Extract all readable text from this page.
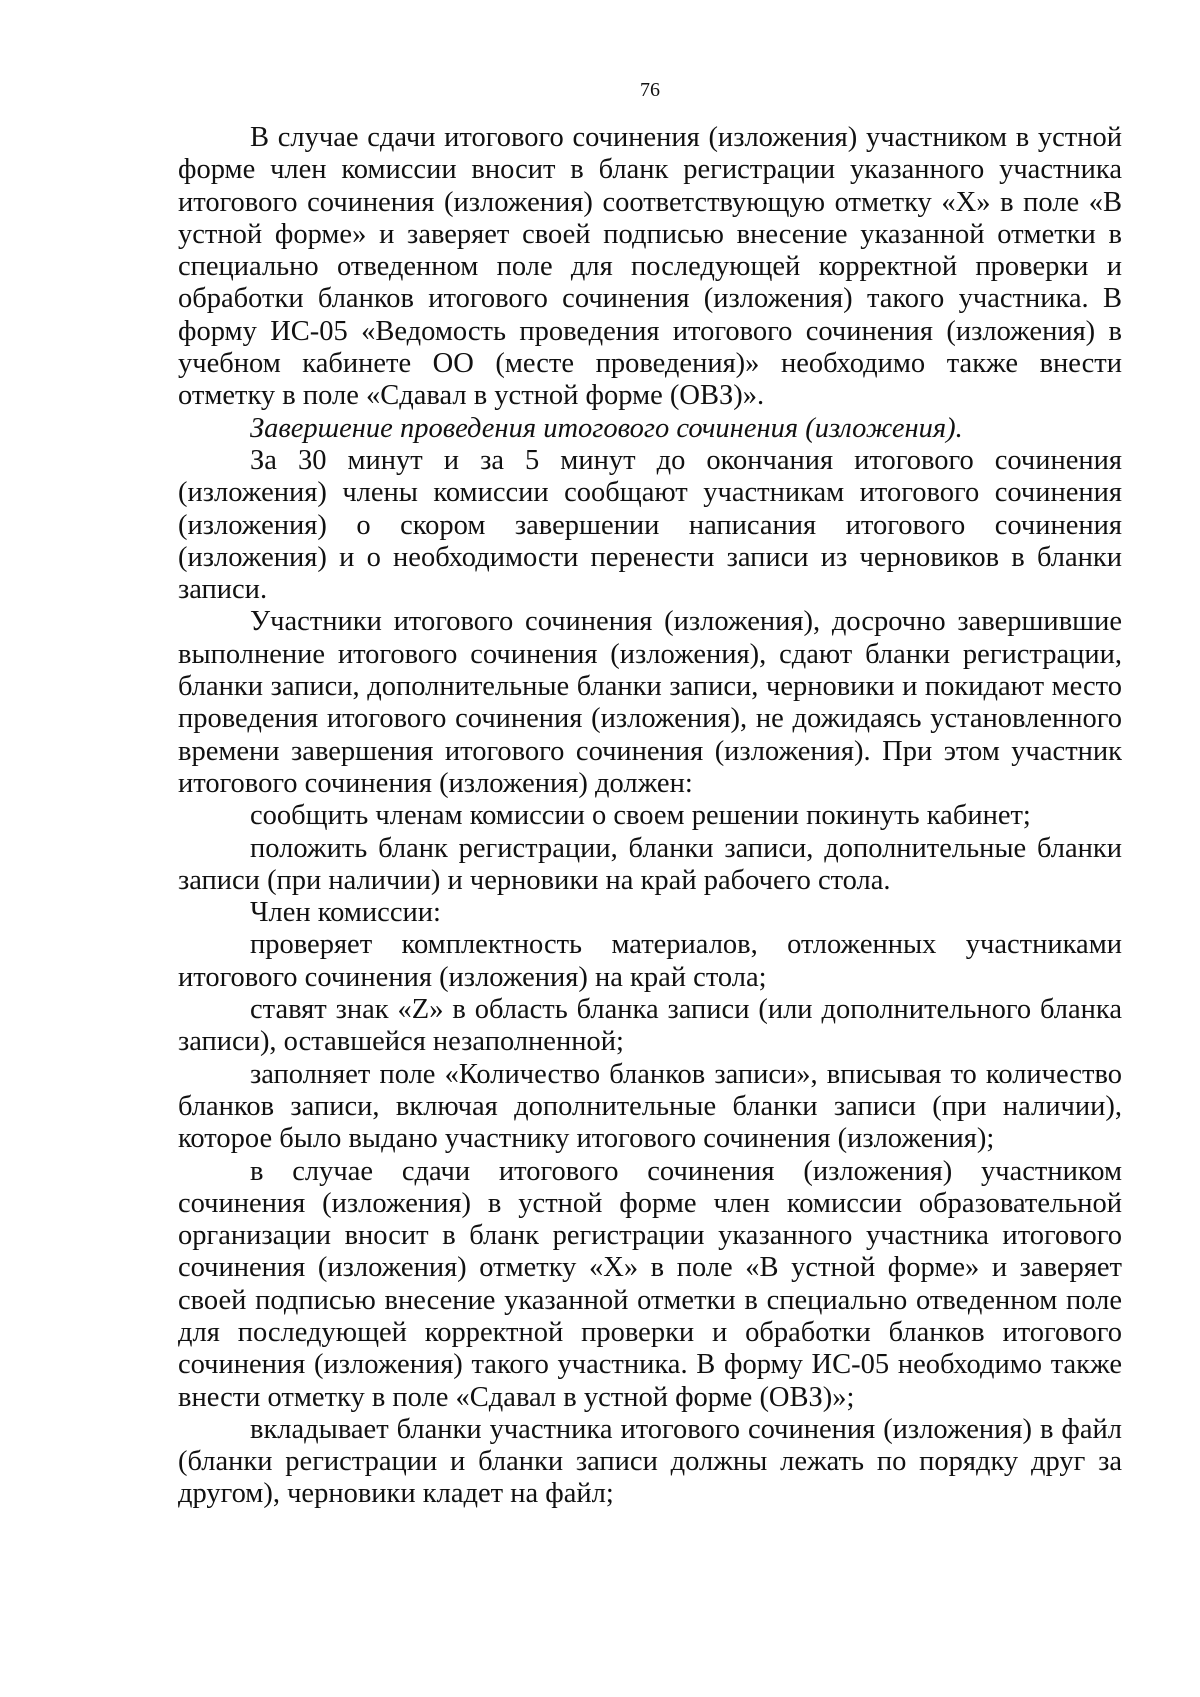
76

В случае сдачи итогового сочинения (изложения) участником в устной форме член комиссии вносит в бланк регистрации указанного участника итогового сочинения (изложения) соответствующую отметку «Х» в поле «В устной форме» и заверяет своей подписью внесение указанной отметки в специально отведенном поле для последующей корректной проверки и обработки бланков итогового сочинения (изложения) такого участника. В форму ИС-05 «Ведомость проведения итогового сочинения (изложения) в учебном кабинете ОО (месте проведения)» необходимо также внести отметку в поле «Сдавал в устной форме (ОВЗ)».

Завершение проведения итогового сочинения (изложения).

За 30 минут и за 5 минут до окончания итогового сочинения (изложения) члены комиссии сообщают участникам итогового сочинения (изложения) о скором завершении написания итогового сочинения (изложения) и о необходимости перенести записи из черновиков в бланки записи.

Участники итогового сочинения (изложения), досрочно завершившие выполнение итогового сочинения (изложения), сдают бланки регистрации, бланки записи, дополнительные бланки записи, черновики и покидают место проведения итогового сочинения (изложения), не дожидаясь установленного времени завершения итогового сочинения (изложения). При этом участник итогового сочинения (изложения) должен:

сообщить членам комиссии о своем решении покинуть кабинет;

положить бланк регистрации, бланки записи, дополнительные бланки записи (при наличии) и черновики на край рабочего стола.

Член комиссии:

проверяет комплектность материалов, отложенных участниками итогового сочинения (изложения) на край стола;

ставят знак «Z» в область бланка записи (или дополнительного бланка записи), оставшейся незаполненной;

заполняет поле «Количество бланков записи», вписывая то количество бланков записи, включая дополнительные бланки записи (при наличии), которое было выдано участнику итогового сочинения (изложения);

в случае сдачи итогового сочинения (изложения) участником сочинения (изложения) в устной форме член комиссии образовательной организации вносит в бланк регистрации указанного участника итогового сочинения (изложения) отметку «Х» в поле «В устной форме» и заверяет своей подписью внесение указанной отметки в специально отведенном поле для последующей корректной проверки и обработки бланков итогового сочинения (изложения) такого участника. В форму ИС-05 необходимо также внести отметку в поле «Сдавал в устной форме (ОВЗ)»;

вкладывает бланки участника итогового сочинения (изложения) в файл (бланки регистрации и бланки записи должны лежать по порядку друг за другом), черновики кладет на файл;
